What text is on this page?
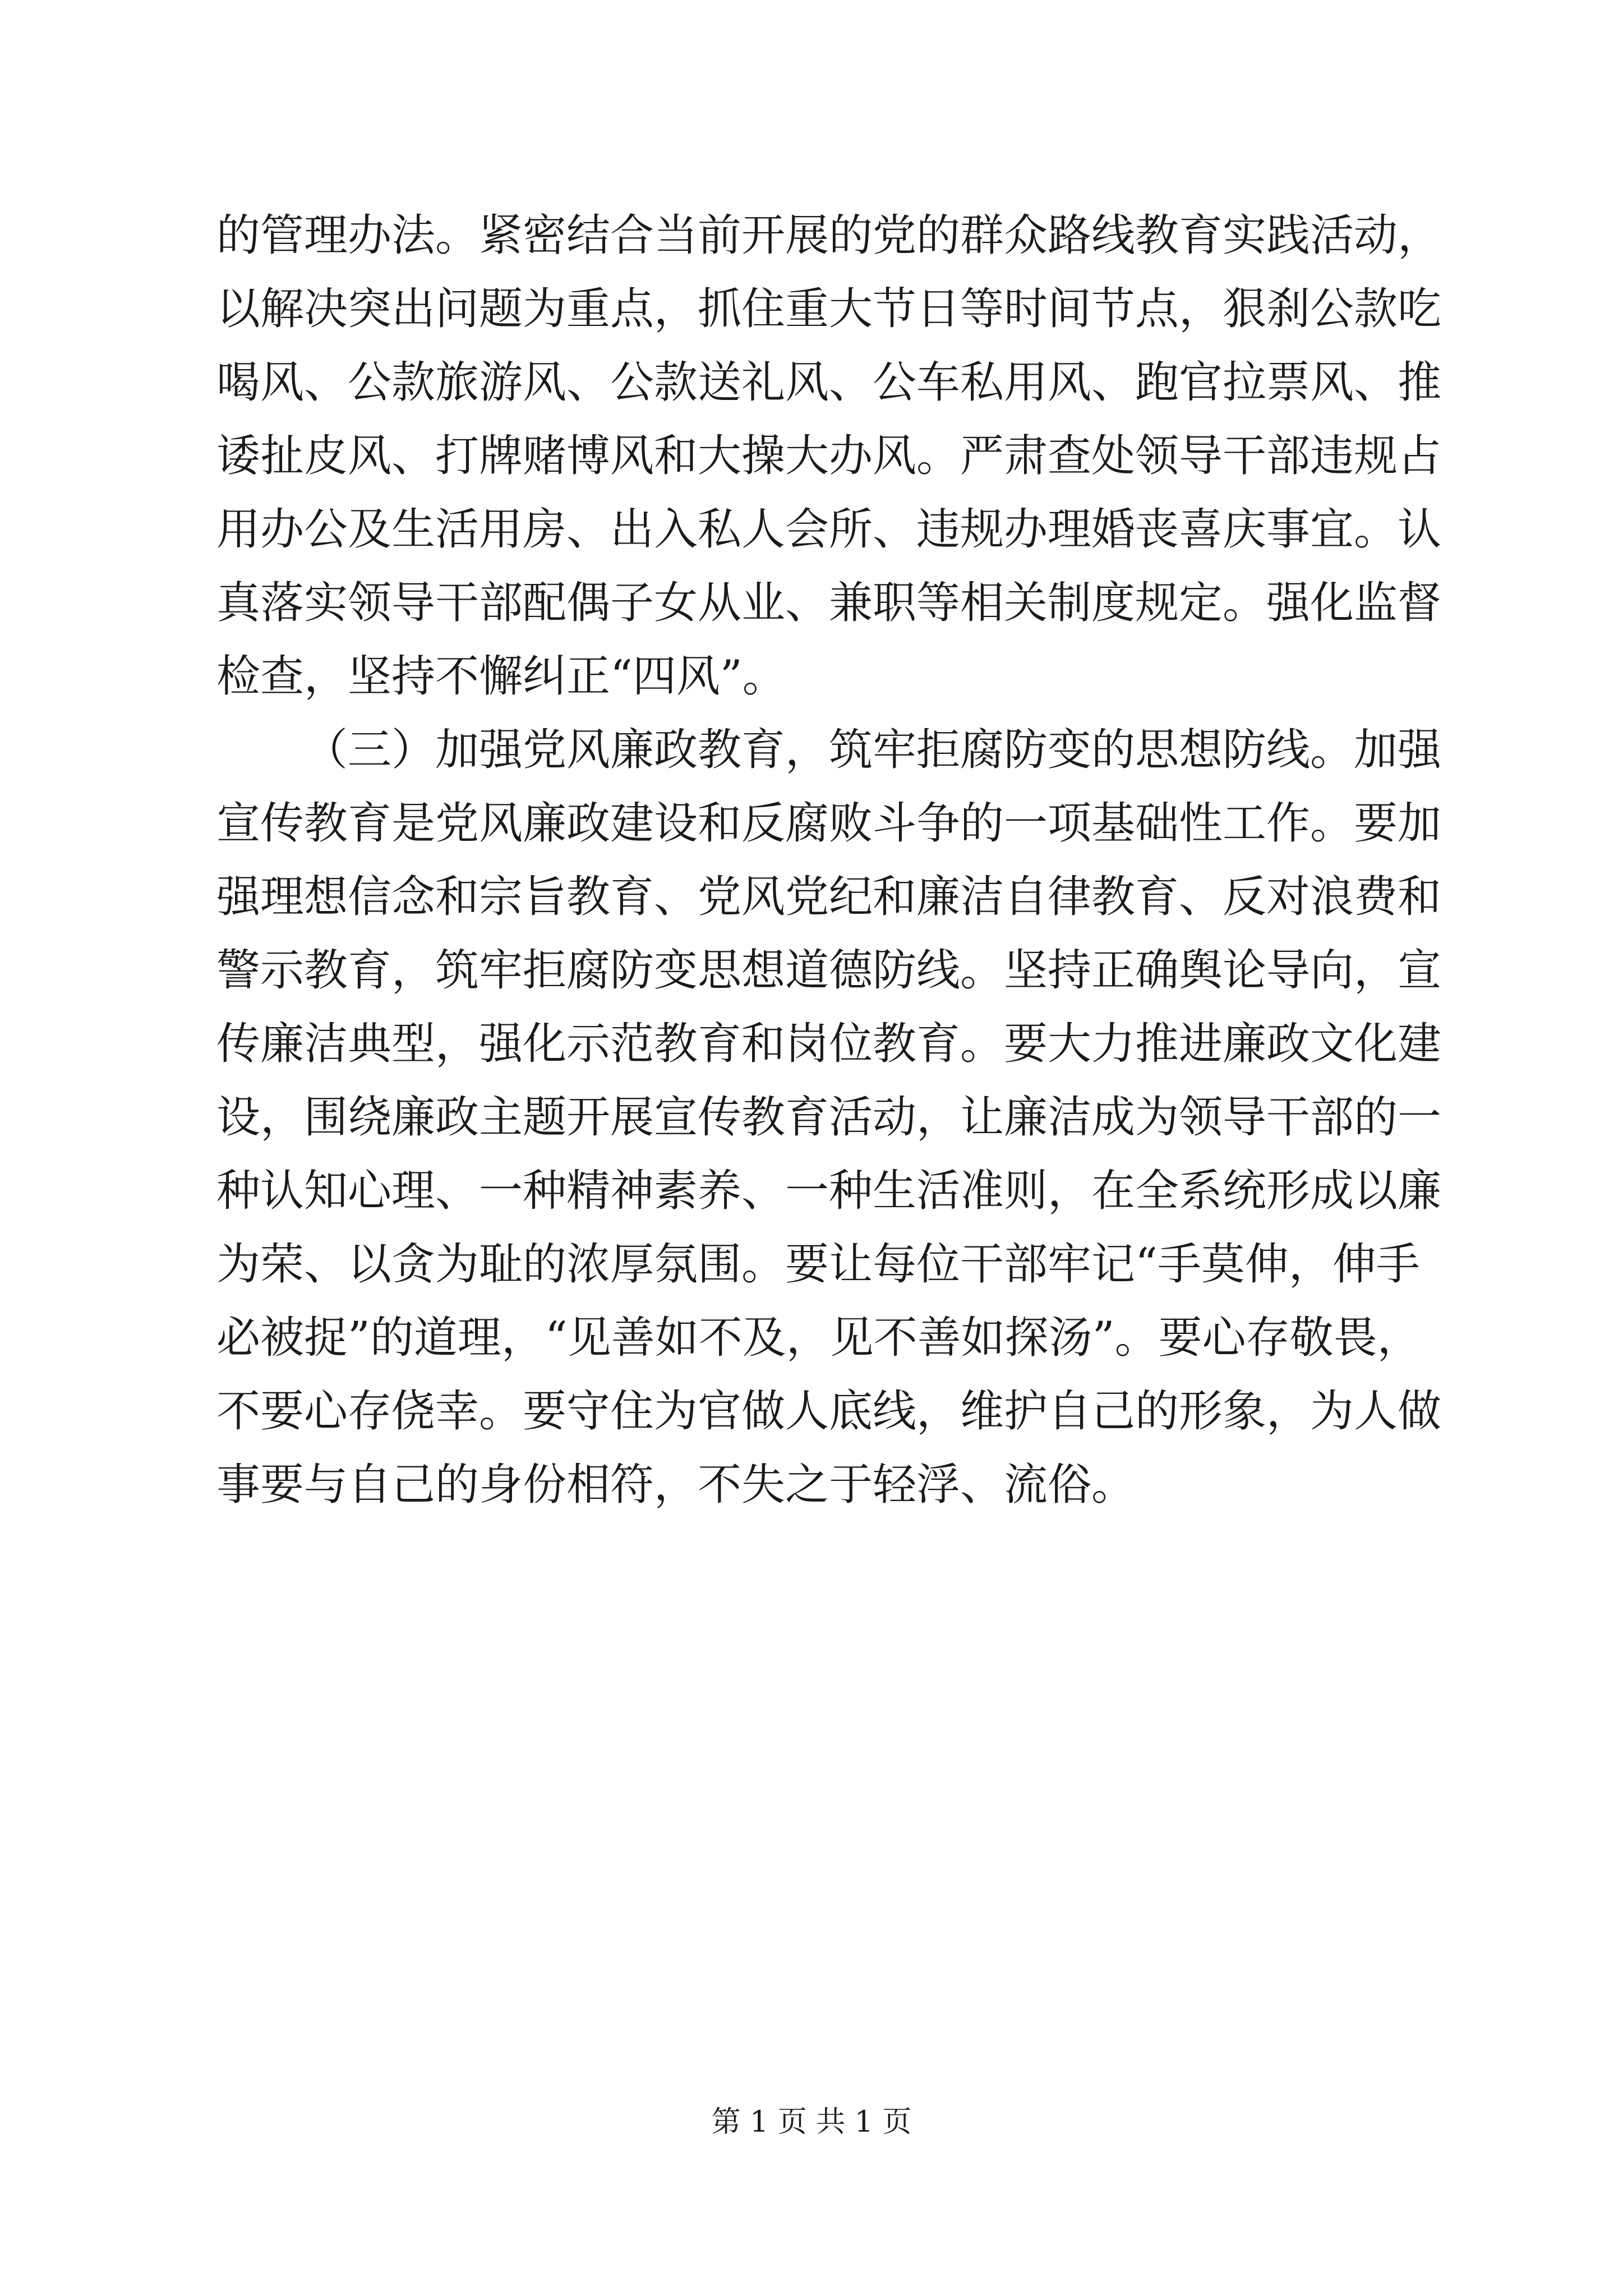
的管理办法。紧密结合当前开展的党的群众路线教育实践活动，
以解决突出问题为重点，抓住重大节日等时间节点，狠刹公款吃
喝风、公款旅游风、公款送礼风、公车私用风、跑官拉票风、推
诿扯皮风、打牌赌博风和大操大办风。严肃查处领导干部违规占
用办公及生活用房、出入私人会所、违规办理婚丧喜庆事宜。认
真落实领导干部配偶子女从业、兼职等相关制度规定。强化监督
检查，坚持不懈纠正“四风”。
（三）加强党风廉政教育，筑牢拒腐防变的思想防线。加强
宣传教育是党风廉政建设和反腐败斗争的一项基础性工作。要加
强理想信念和宗旨教育、党风党纪和廉洁自律教育、反对浪费和
警示教育，筑牢拒腐防变思想道德防线。坚持正确舆论导向，宣
传廉洁典型，强化示范教育和岗位教育。要大力推进廉政文化建
设，围绕廉政主题开展宣传教育活动，让廉洁成为领导干部的一
种认知心理、一种精神素养、一种生活准则，在全系统形成以廉
为荣、以贪为耻的浓厚氛围。要让每位干部牢记“手莫伸，伸手
必被捉”的道理，“见善如不及，见不善如探汤”。要心存敬畏，
不要心存侥幸。要守住为官做人底线，维护自己的形象，为人做
事要与自己的身份相符，不失之于轻浮、流俗。
第 1 页 共 1 页
